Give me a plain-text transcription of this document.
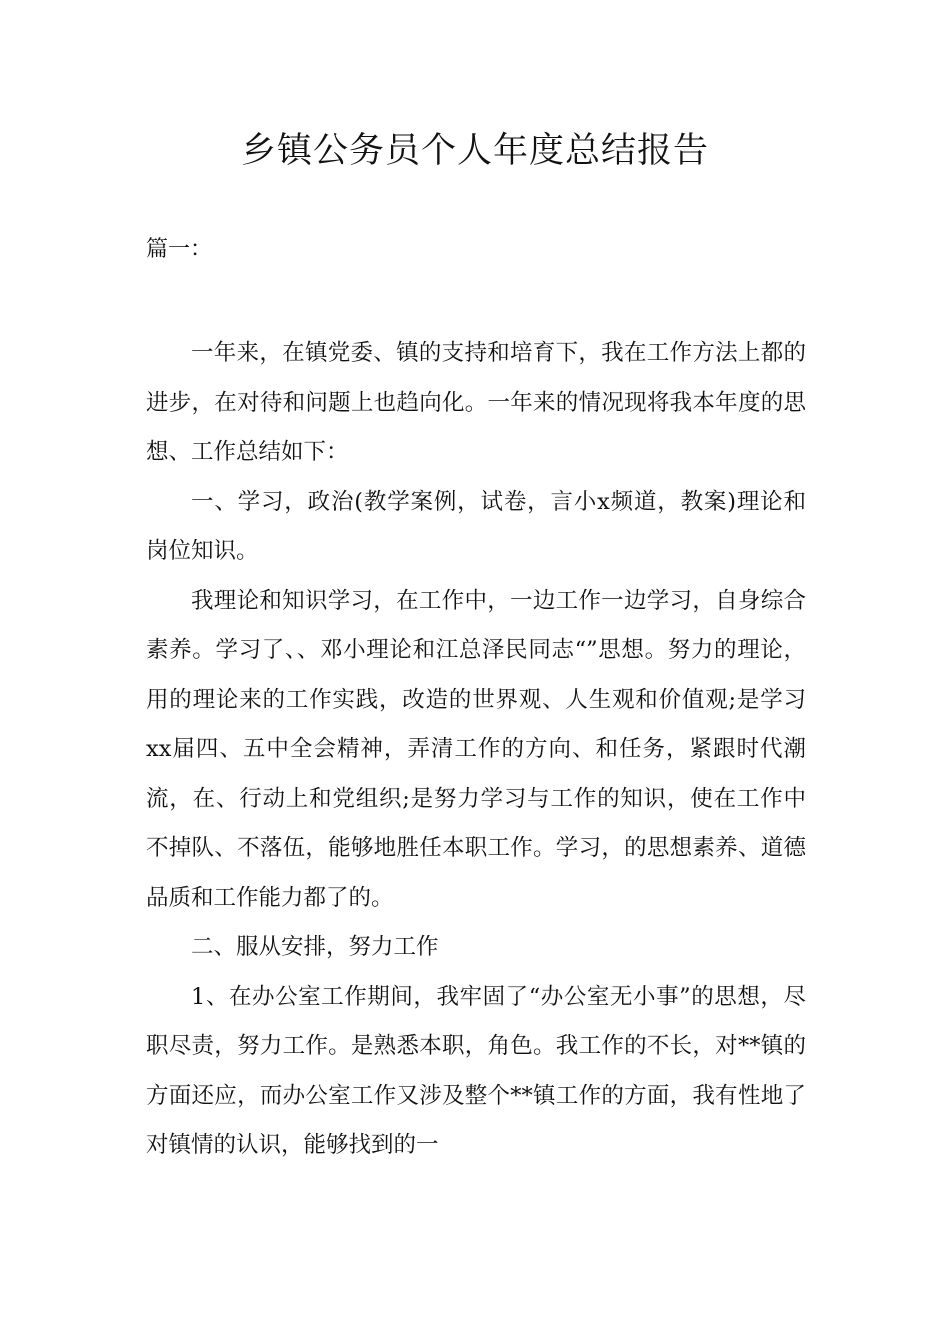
乡镇公务员个人年度总结报告
篇一：

一年来，在镇党委、镇的支持和培育下，我在工作方法上都的进步，在对待和问题上也趋向化。一年来的情况现将我本年度的思想、工作总结如下：

一、学习，政治(教学案例，试卷，言小x频道，教案)理论和岗位知识。

我理论和知识学习，在工作中，一边工作一边学习，自身综合素养。学习了、、邓小理论和江总泽民同志“”思想。努力的理论，用的理论来的工作实践，改造的世界观、人生观和价值观;是学习xx届四、五中全会精神，弄清工作的方向、和任务，紧跟时代潮流，在、行动上和党组织;是努力学习与工作的知识，使在工作中不掉队、不落伍，能够地胜任本职工作。学习，的思想素养、道德品质和工作能力都了的。

二、服从安排，努力工作

1、在办公室工作期间，我牢固了“办公室无小事”的思想，尽职尽责，努力工作。是熟悉本职，角色。我工作的不长，对**镇的方面还应，而办公室工作又涉及整个**镇工作的方面，我有性地了对镇情的认识，能够找到的一
